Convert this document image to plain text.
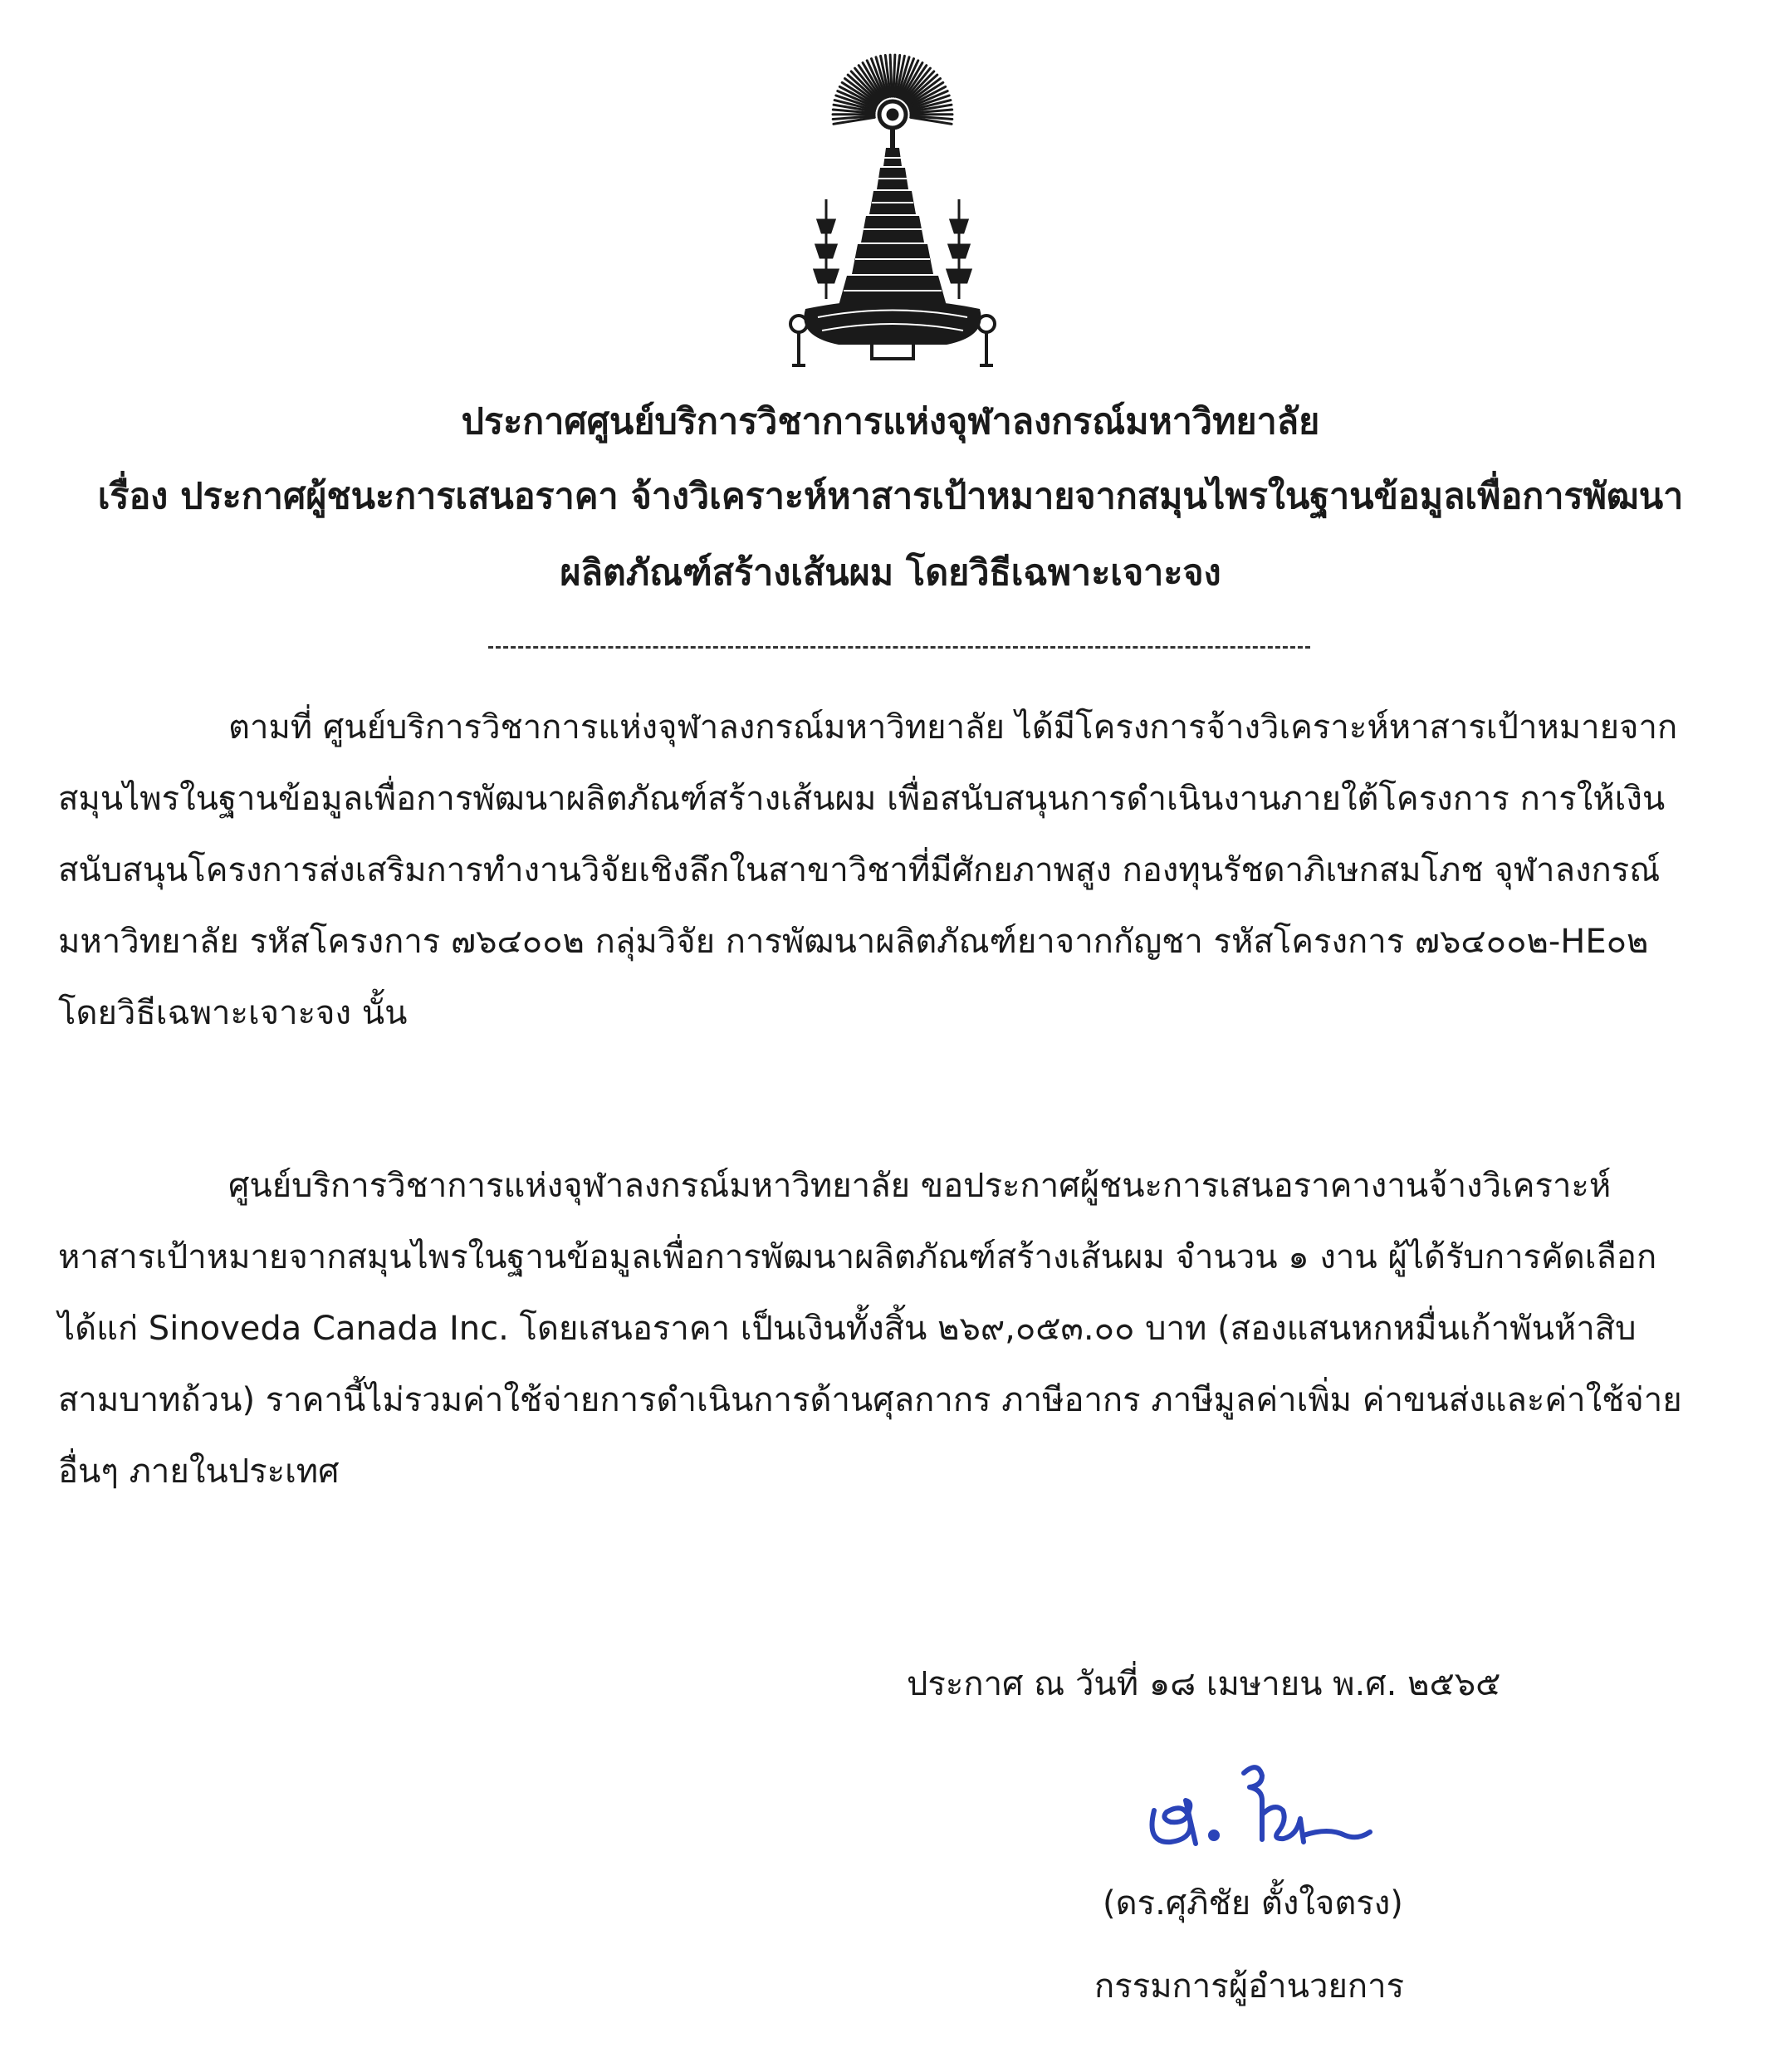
ประกาศศูนย์บริการวิชาการแห่งจุฬาลงกรณ์มหาวิทยาลัย
เรื่อง ประกาศผู้ชนะการเสนอราคา จ้างวิเคราะห์หาสารเป้าหมายจากสมุนไพรในฐานข้อมูลเพื่อการพัฒนา
ผลิตภัณฑ์สร้างเส้นผม โดยวิธีเฉพาะเจาะจง
ตามที่ ศูนย์บริการวิชาการแห่งจุฬาลงกรณ์มหาวิทยาลัย ได้มีโครงการจ้างวิเคราะห์หาสารเป้าหมายจาก
สมุนไพรในฐานข้อมูลเพื่อการพัฒนาผลิตภัณฑ์สร้างเส้นผม เพื่อสนับสนุนการดำเนินงานภายใต้โครงการ การให้เงิน
สนับสนุนโครงการส่งเสริมการทำงานวิจัยเชิงลึกในสาขาวิชาที่มีศักยภาพสูง กองทุนรัชดาภิเษกสมโภช จุฬาลงกรณ์
มหาวิทยาลัย รหัสโครงการ ๗๖๔๐๐๒ กลุ่มวิจัย การพัฒนาผลิตภัณฑ์ยาจากกัญชา รหัสโครงการ ๗๖๔๐๐๒-HE๐๒
โดยวิธีเฉพาะเจาะจง นั้น
ศูนย์บริการวิชาการแห่งจุฬาลงกรณ์มหาวิทยาลัย ขอประกาศผู้ชนะการเสนอราคางานจ้างวิเคราะห์
หาสารเป้าหมายจากสมุนไพรในฐานข้อมูลเพื่อการพัฒนาผลิตภัณฑ์สร้างเส้นผม จำนวน ๑ งาน ผู้ได้รับการคัดเลือก
ได้แก่ Sinoveda Canada Inc. โดยเสนอราคา เป็นเงินทั้งสิ้น ๒๖๙,๐๕๓.๐๐ บาท (สองแสนหกหมื่นเก้าพันห้าสิบ
สามบาทถ้วน) ราคานี้ไม่รวมค่าใช้จ่ายการดำเนินการด้านศุลกากร ภาษีอากร ภาษีมูลค่าเพิ่ม ค่าขนส่งและค่าใช้จ่าย
อื่นๆ ภายในประเทศ
ประกาศ ณ วันที่ ๑๘ เมษายน พ.ศ. ๒๕๖๕
(ดร.ศุภิชัย ตั้งใจตรง)
กรรมการผู้อำนวยการ
